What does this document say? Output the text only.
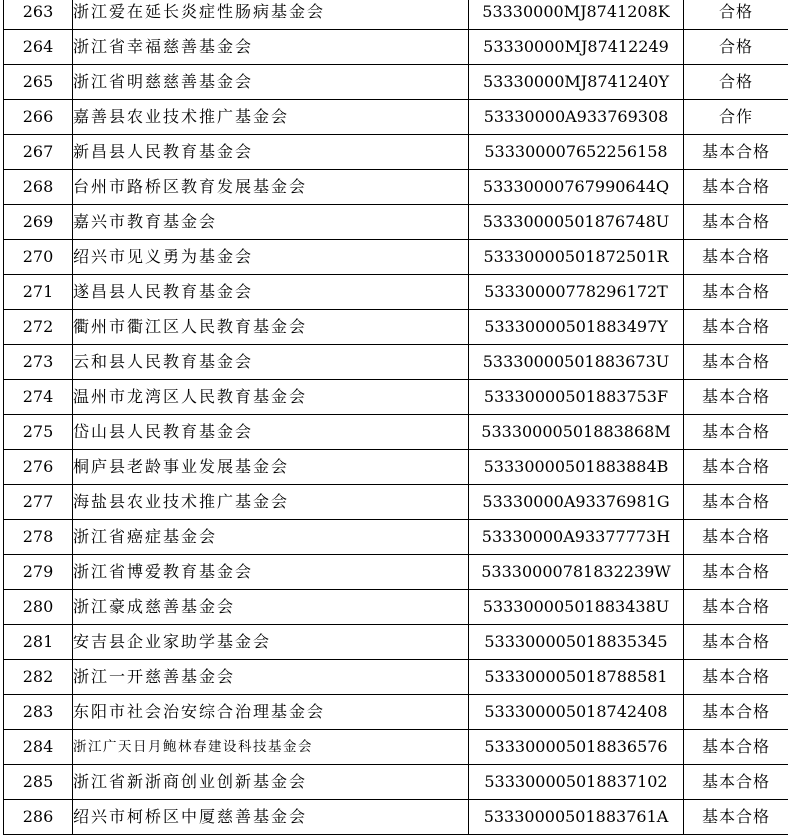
263	浙江爱在延长炎症性肠病基金会	53330000MJ8741208K	合格
264	浙江省幸福慈善基金会	53330000MJ87412249	合格
265	浙江省明慈慈善基金会	53330000MJ8741240Y	合格
266	嘉善县农业技术推广基金会	53330000A933769308	合作
267	新昌县人民教育基金会	533300007652256158	基本合格
268	台州市路桥区教育发展基金会	53330000767990644Q	基本合格
269	嘉兴市教育基金会	53330000501876748U	基本合格
270	绍兴市见义勇为基金会	53330000501872501R	基本合格
271	遂昌县人民教育基金会	53330000778296172T	基本合格
272	衢州市衢江区人民教育基金会	53330000501883497Y	基本合格
273	云和县人民教育基金会	53330000501883673U	基本合格
274	温州市龙湾区人民教育基金会	53330000501883753F	基本合格
275	岱山县人民教育基金会	53330000501883868M	基本合格
276	桐庐县老龄事业发展基金会	53330000501883884B	基本合格
277	海盐县农业技术推广基金会	53330000A93376981G	基本合格
278	浙江省癌症基金会	53330000A93377773H	基本合格
279	浙江省博爱教育基金会	53330000781832239W	基本合格
280	浙江豪成慈善基金会	53330000501883438U	基本合格
281	安吉县企业家助学基金会	533300005018835345	基本合格
282	浙江一开慈善基金会	533300005018788581	基本合格
283	东阳市社会治安综合治理基金会	533300005018742408	基本合格
284	浙江广天日月鲍林春建设科技基金会	533300005018836576	基本合格
285	浙江省新浙商创业创新基金会	533300005018837102	基本合格
286	绍兴市柯桥区中厦慈善基金会	53330000501883761A	基本合格
